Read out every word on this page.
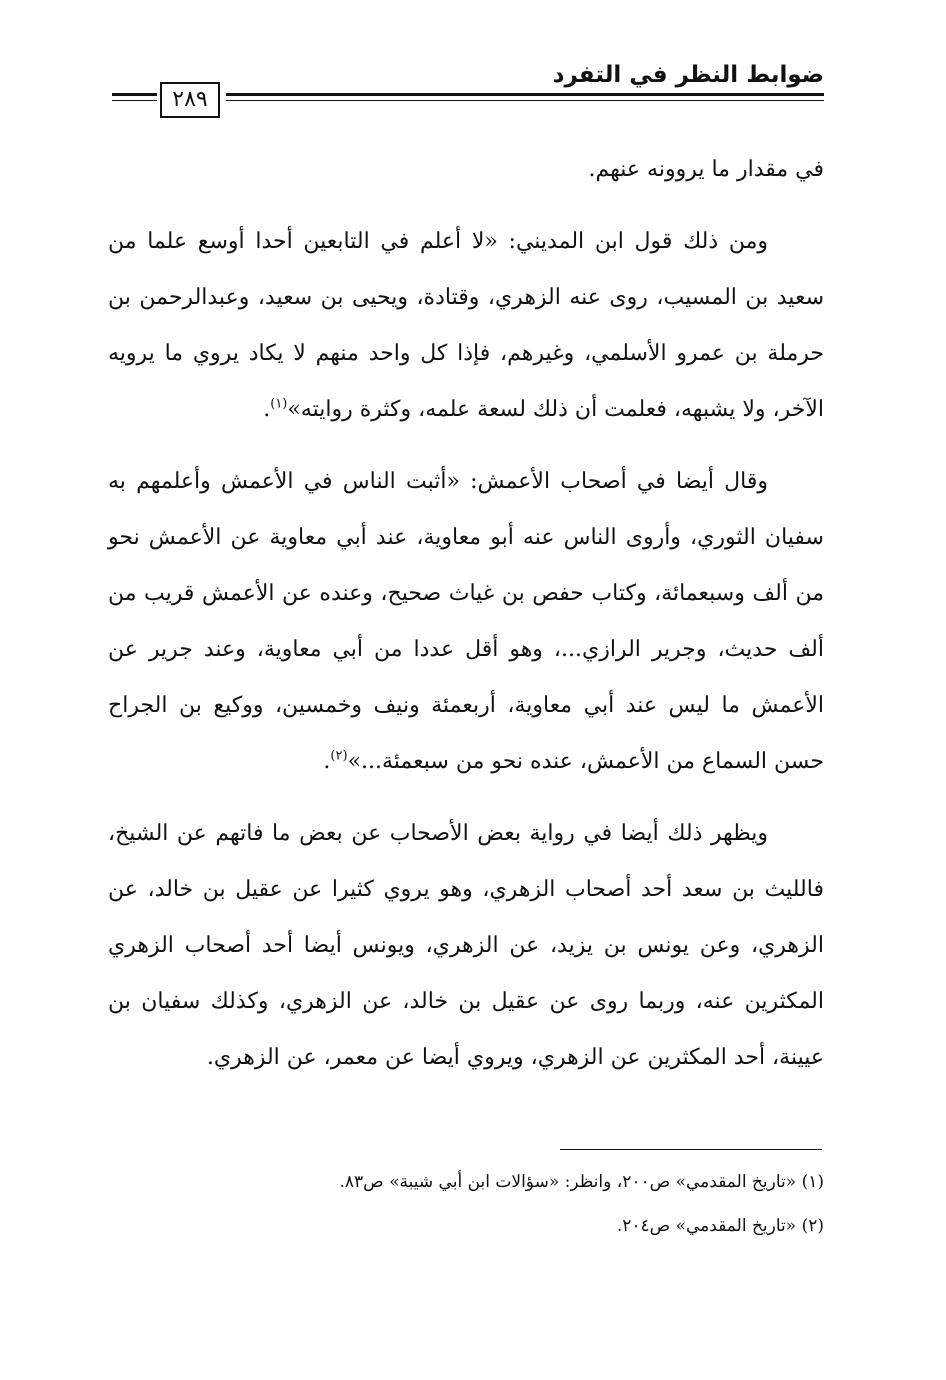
ضوابط النظر في التفرد
٢٨٩

في مقدار ما يروونه عنهم.

ومن ذلك قول ابن المديني: «لا أعلم في التابعين أحدا أوسع علما من سعيد بن المسيب، روى عنه الزهري، وقتادة، ويحيى بن سعيد، وعبدالرحمن بن حرملة بن عمرو الأسلمي، وغيرهم، فإذا كل واحد منهم لا يكاد يروي ما يرويه الآخر، ولا يشبهه، فعلمت أن ذلك لسعة علمه، وكثرة روايته»$^{(١)}$.

وقال أيضا في أصحاب الأعمش: «أثبت الناس في الأعمش وأعلمهم به سفيان الثوري، وأروى الناس عنه أبو معاوية، عند أبي معاوية عن الأعمش نحو من ألف وسبعمائة، وكتاب حفص بن غياث صحيح، وعنده عن الأعمش قريب من ألف حديث، وجرير الرازي...، وهو أقل عددا من أبي معاوية، وعند جرير عن الأعمش ما ليس عند أبي معاوية، أربعمئة ونيف وخمسين، ووكيع بن الجراح حسن السماع من الأعمش، عنده نحو من سبعمئة...»$^{(٢)}$.

ويظهر ذلك أيضا في رواية بعض الأصحاب عن بعض ما فاتهم عن الشيخ، فالليث بن سعد أحد أصحاب الزهري، وهو يروي كثيرا عن عقيل بن خالد، عن الزهري، وعن يونس بن يزيد، عن الزهري، ويونس أيضا أحد أصحاب الزهري المكثرين عنه، وربما روى عن عقيل بن خالد، عن الزهري، وكذلك سفيان بن عيينة، أحد المكثرين عن الزهري، ويروي أيضا عن معمر، عن الزهري.

(١) «تاريخ المقدمي» ص٢٠٠، وانظر: «سؤالات ابن أبي شيبة» ص٨٣.
(٢) «تاريخ المقدمي» ص٢٠٤.
